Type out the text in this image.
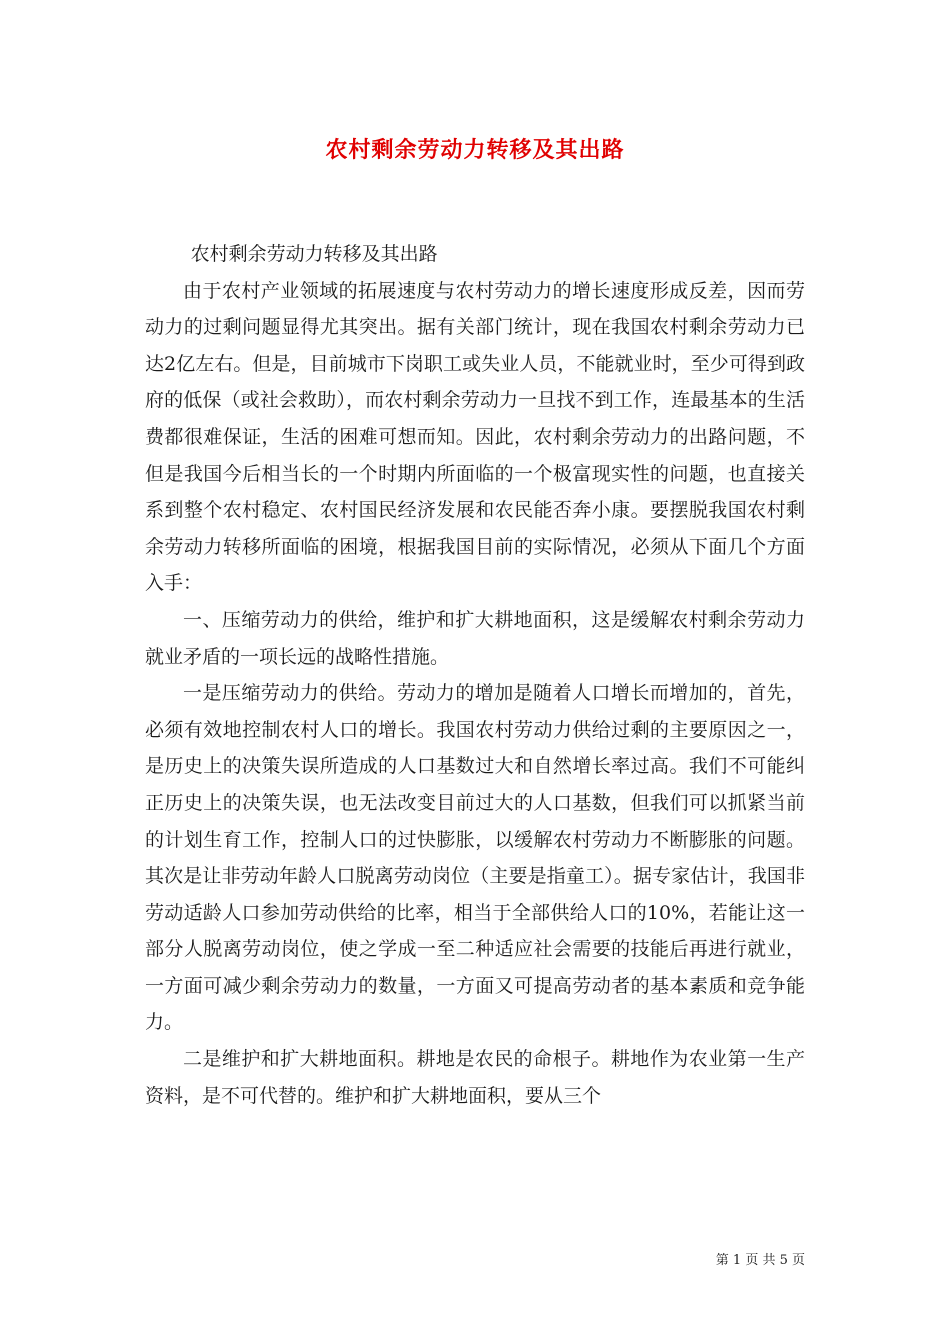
农村剩余劳动力转移及其出路

农村剩余劳动力转移及其出路

由于农村产业领域的拓展速度与农村劳动力的增长速度形成反差，因而劳动力的过剩问题显得尤其突出。据有关部门统计，现在我国农村剩余劳动力已达2亿左右。但是，目前城市下岗职工或失业人员，不能就业时，至少可得到政府的低保（或社会救助），而农村剩余劳动力一旦找不到工作，连最基本的生活费都很难保证，生活的困难可想而知。因此，农村剩余劳动力的出路问题，不但是我国今后相当长的一个时期内所面临的一个极富现实性的问题，也直接关系到整个农村稳定、农村国民经济发展和农民能否奔小康。要摆脱我国农村剩余劳动力转移所面临的困境，根据我国目前的实际情况，必须从下面几个方面入手：

一、压缩劳动力的供给，维护和扩大耕地面积，这是缓解农村剩余劳动力就业矛盾的一项长远的战略性措施。

一是压缩劳动力的供给。劳动力的增加是随着人口增长而增加的，首先，必须有效地控制农村人口的增长。我国农村劳动力供给过剩的主要原因之一，是历史上的决策失误所造成的人口基数过大和自然增长率过高。我们不可能纠正历史上的决策失误，也无法改变目前过大的人口基数，但我们可以抓紧当前的计划生育工作，控制人口的过快膨胀，以缓解农村劳动力不断膨胀的问题。其次是让非劳动年龄人口脱离劳动岗位（主要是指童工）。据专家估计，我国非劳动适龄人口参加劳动供给的比率，相当于全部供给人口的10%，若能让这一部分人脱离劳动岗位，使之学成一至二种适应社会需要的技能后再进行就业，一方面可减少剩余劳动力的数量，一方面又可提高劳动者的基本素质和竞争能力。

二是维护和扩大耕地面积。耕地是农民的命根子。耕地作为农业第一生产资料，是不可代替的。维护和扩大耕地面积，要从三个

第 1 页 共 5 页
